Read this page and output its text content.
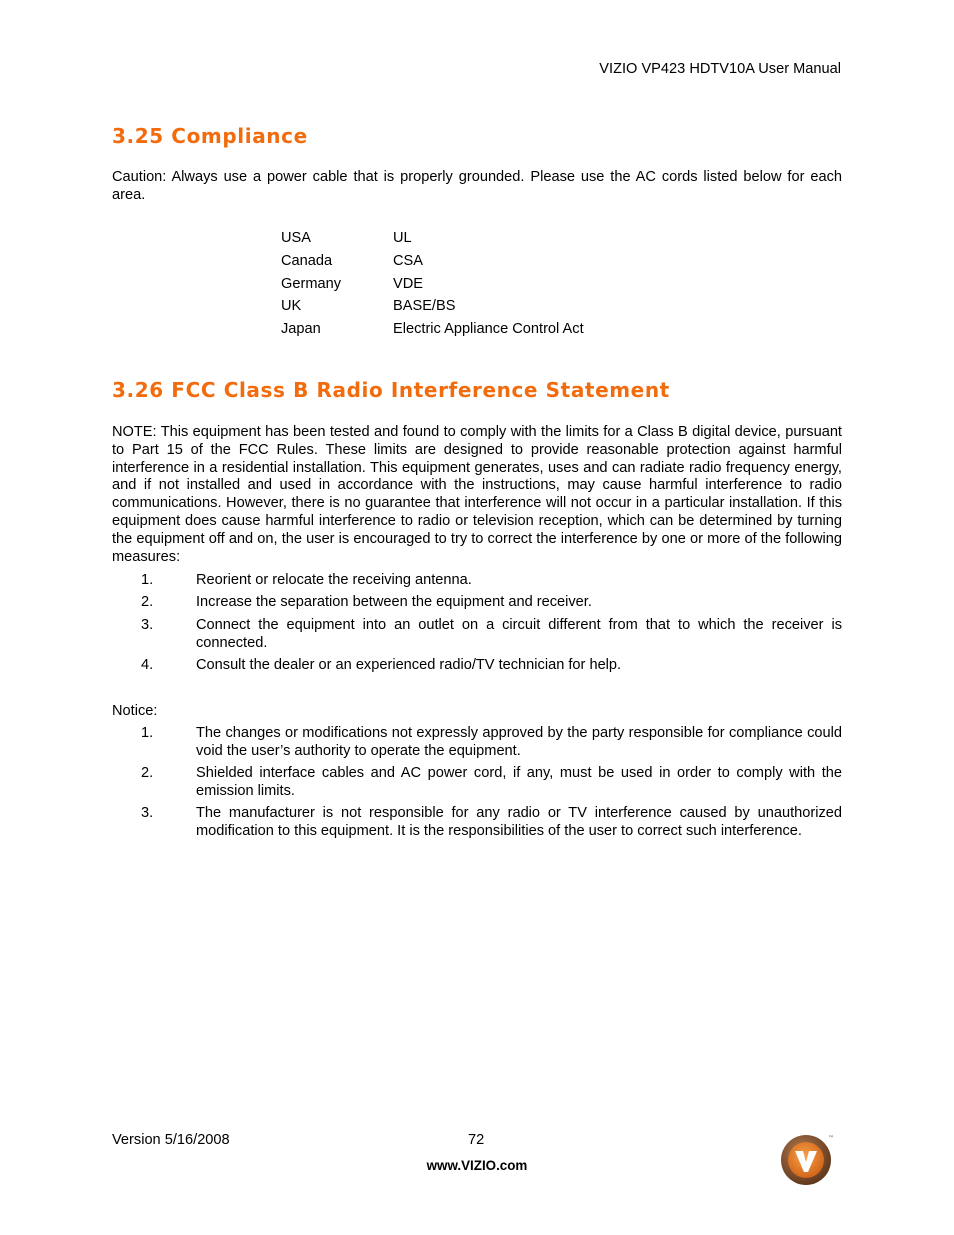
VIZIO VP423 HDTV10A User Manual
3.25 Compliance
Caution: Always use a power cable that is properly grounded. Please use the AC cords listed below for each area.
USA	UL
Canada	CSA
Germany	VDE
UK	BASE/BS
Japan	Electric Appliance Control Act
3.26 FCC Class B Radio Interference Statement
NOTE: This equipment has been tested and found to comply with the limits for a Class B digital device, pursuant to Part 15 of the FCC Rules. These limits are designed to provide reasonable protection against harmful interference in a residential installation. This equipment generates, uses and can radiate radio frequency energy, and if not installed and used in accordance with the instructions, may cause harmful interference to radio communications. However, there is no guarantee that interference will not occur in a particular installation. If this equipment does cause harmful interference to radio or television reception, which can be determined by turning the equipment off and on, the user is encouraged to try to correct the interference by one or more of the following measures:
1.	Reorient or relocate the receiving antenna.
2.	Increase the separation between the equipment and receiver.
3.	Connect the equipment into an outlet on a circuit different from that to which the receiver is connected.
4.	Consult the dealer or an experienced radio/TV technician for help.
Notice:
1.	The changes or modifications not expressly approved by the party responsible for compliance could void the user’s authority to operate the equipment.
2.	Shielded interface cables and AC power cord, if any, must be used in order to comply with the emission limits.
3.	The manufacturer is not responsible for any radio or TV interference caused by unauthorized modification to this equipment. It is the responsibilities of the user to correct such interference.
Version 5/16/2008	72
www.VIZIO.com
™
